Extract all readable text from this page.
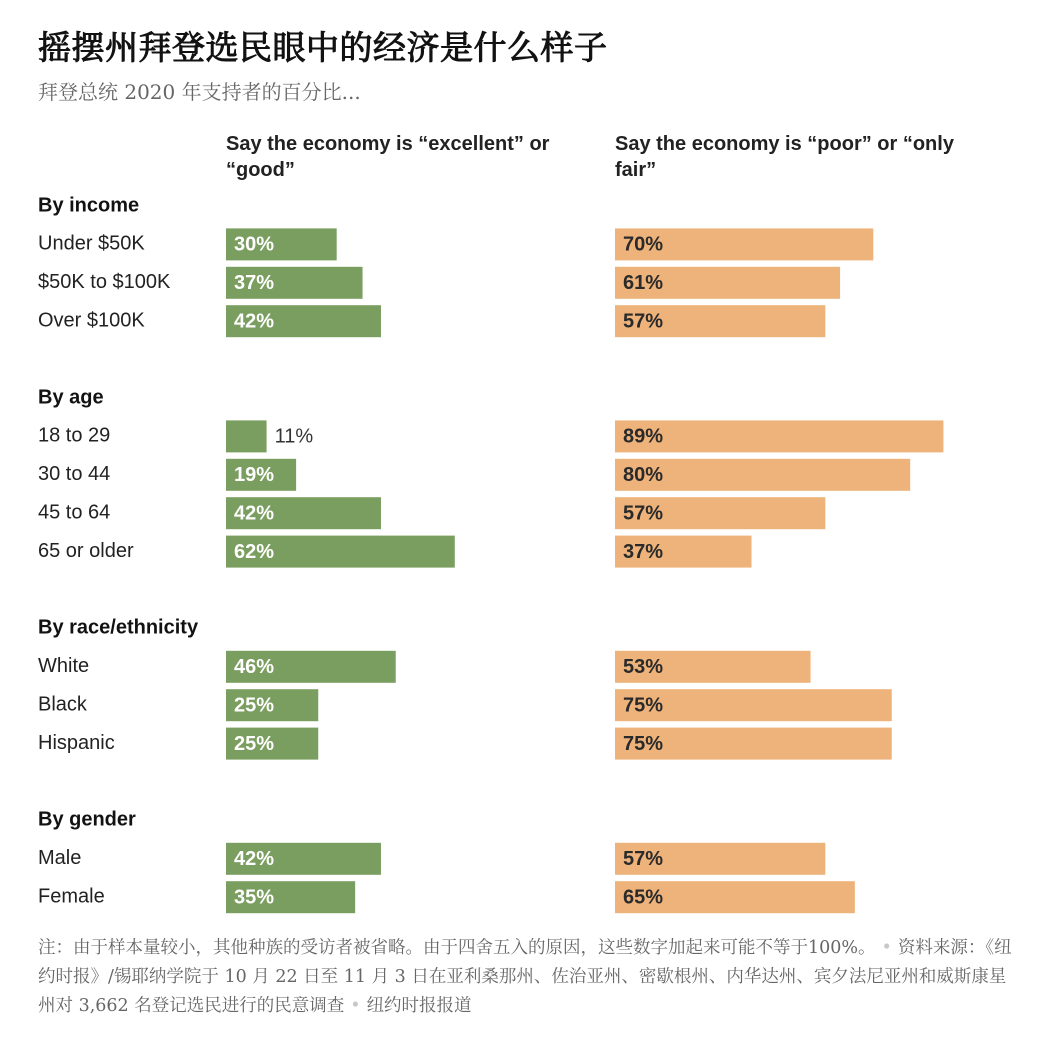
摇摆州拜登选民眼中的经济是什么样子
拜登总统 2020 年支持者的百分比...
Say the economy is “excellent” or “good”
Say the economy is “poor” or “only fair”
By income
Under $50K	30%	70%
$50K to $100K	37%	61%
Over $100K	42%	57%
By age
18 to 29	11%	89%
30 to 44	19%	80%
45 to 64	42%	57%
65 or older	62%	37%
By race/ethnicity
White	46%	53%
Black	25%	75%
Hispanic	25%	75%
By gender
Male	42%	57%
Female	35%	65%
注：由于样本量较小，其他种族的受访者被省略。由于四舍五入的原因，这些数字加起来可能不等于100%。 • 资料来源：《纽约时报》/锡耶纳学院于 10 月 22 日至 11 月 3 日在亚利桑那州、佐治亚州、密歇根州、内华达州、宾夕法尼亚州和威斯康星州对 3,662 名登记选民进行的民意调查 • 纽约时报报道
